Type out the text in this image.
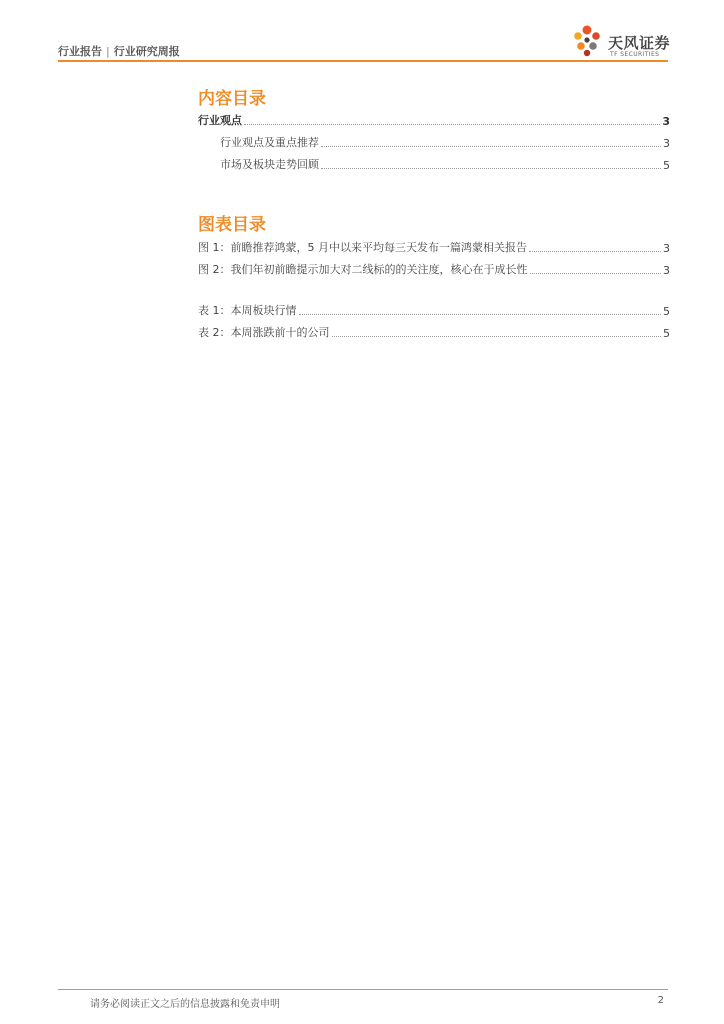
行业报告 | 行业研究周报	天风证券
TF SECURITIES
内容目录
行业观点	3
行业观点及重点推荐	3
市场及板块走势回顾	5
图表目录
图 1：前瞻推荐鸿蒙，5 月中以来平均每三天发布一篇鸿蒙相关报告	3
图 2：我们年初前瞻提示加大对二线标的的关注度，核心在于成长性	3
表 1：本周板块行情	5
表 2：本周涨跌前十的公司	5
请务必阅读正文之后的信息披露和免责申明	2
